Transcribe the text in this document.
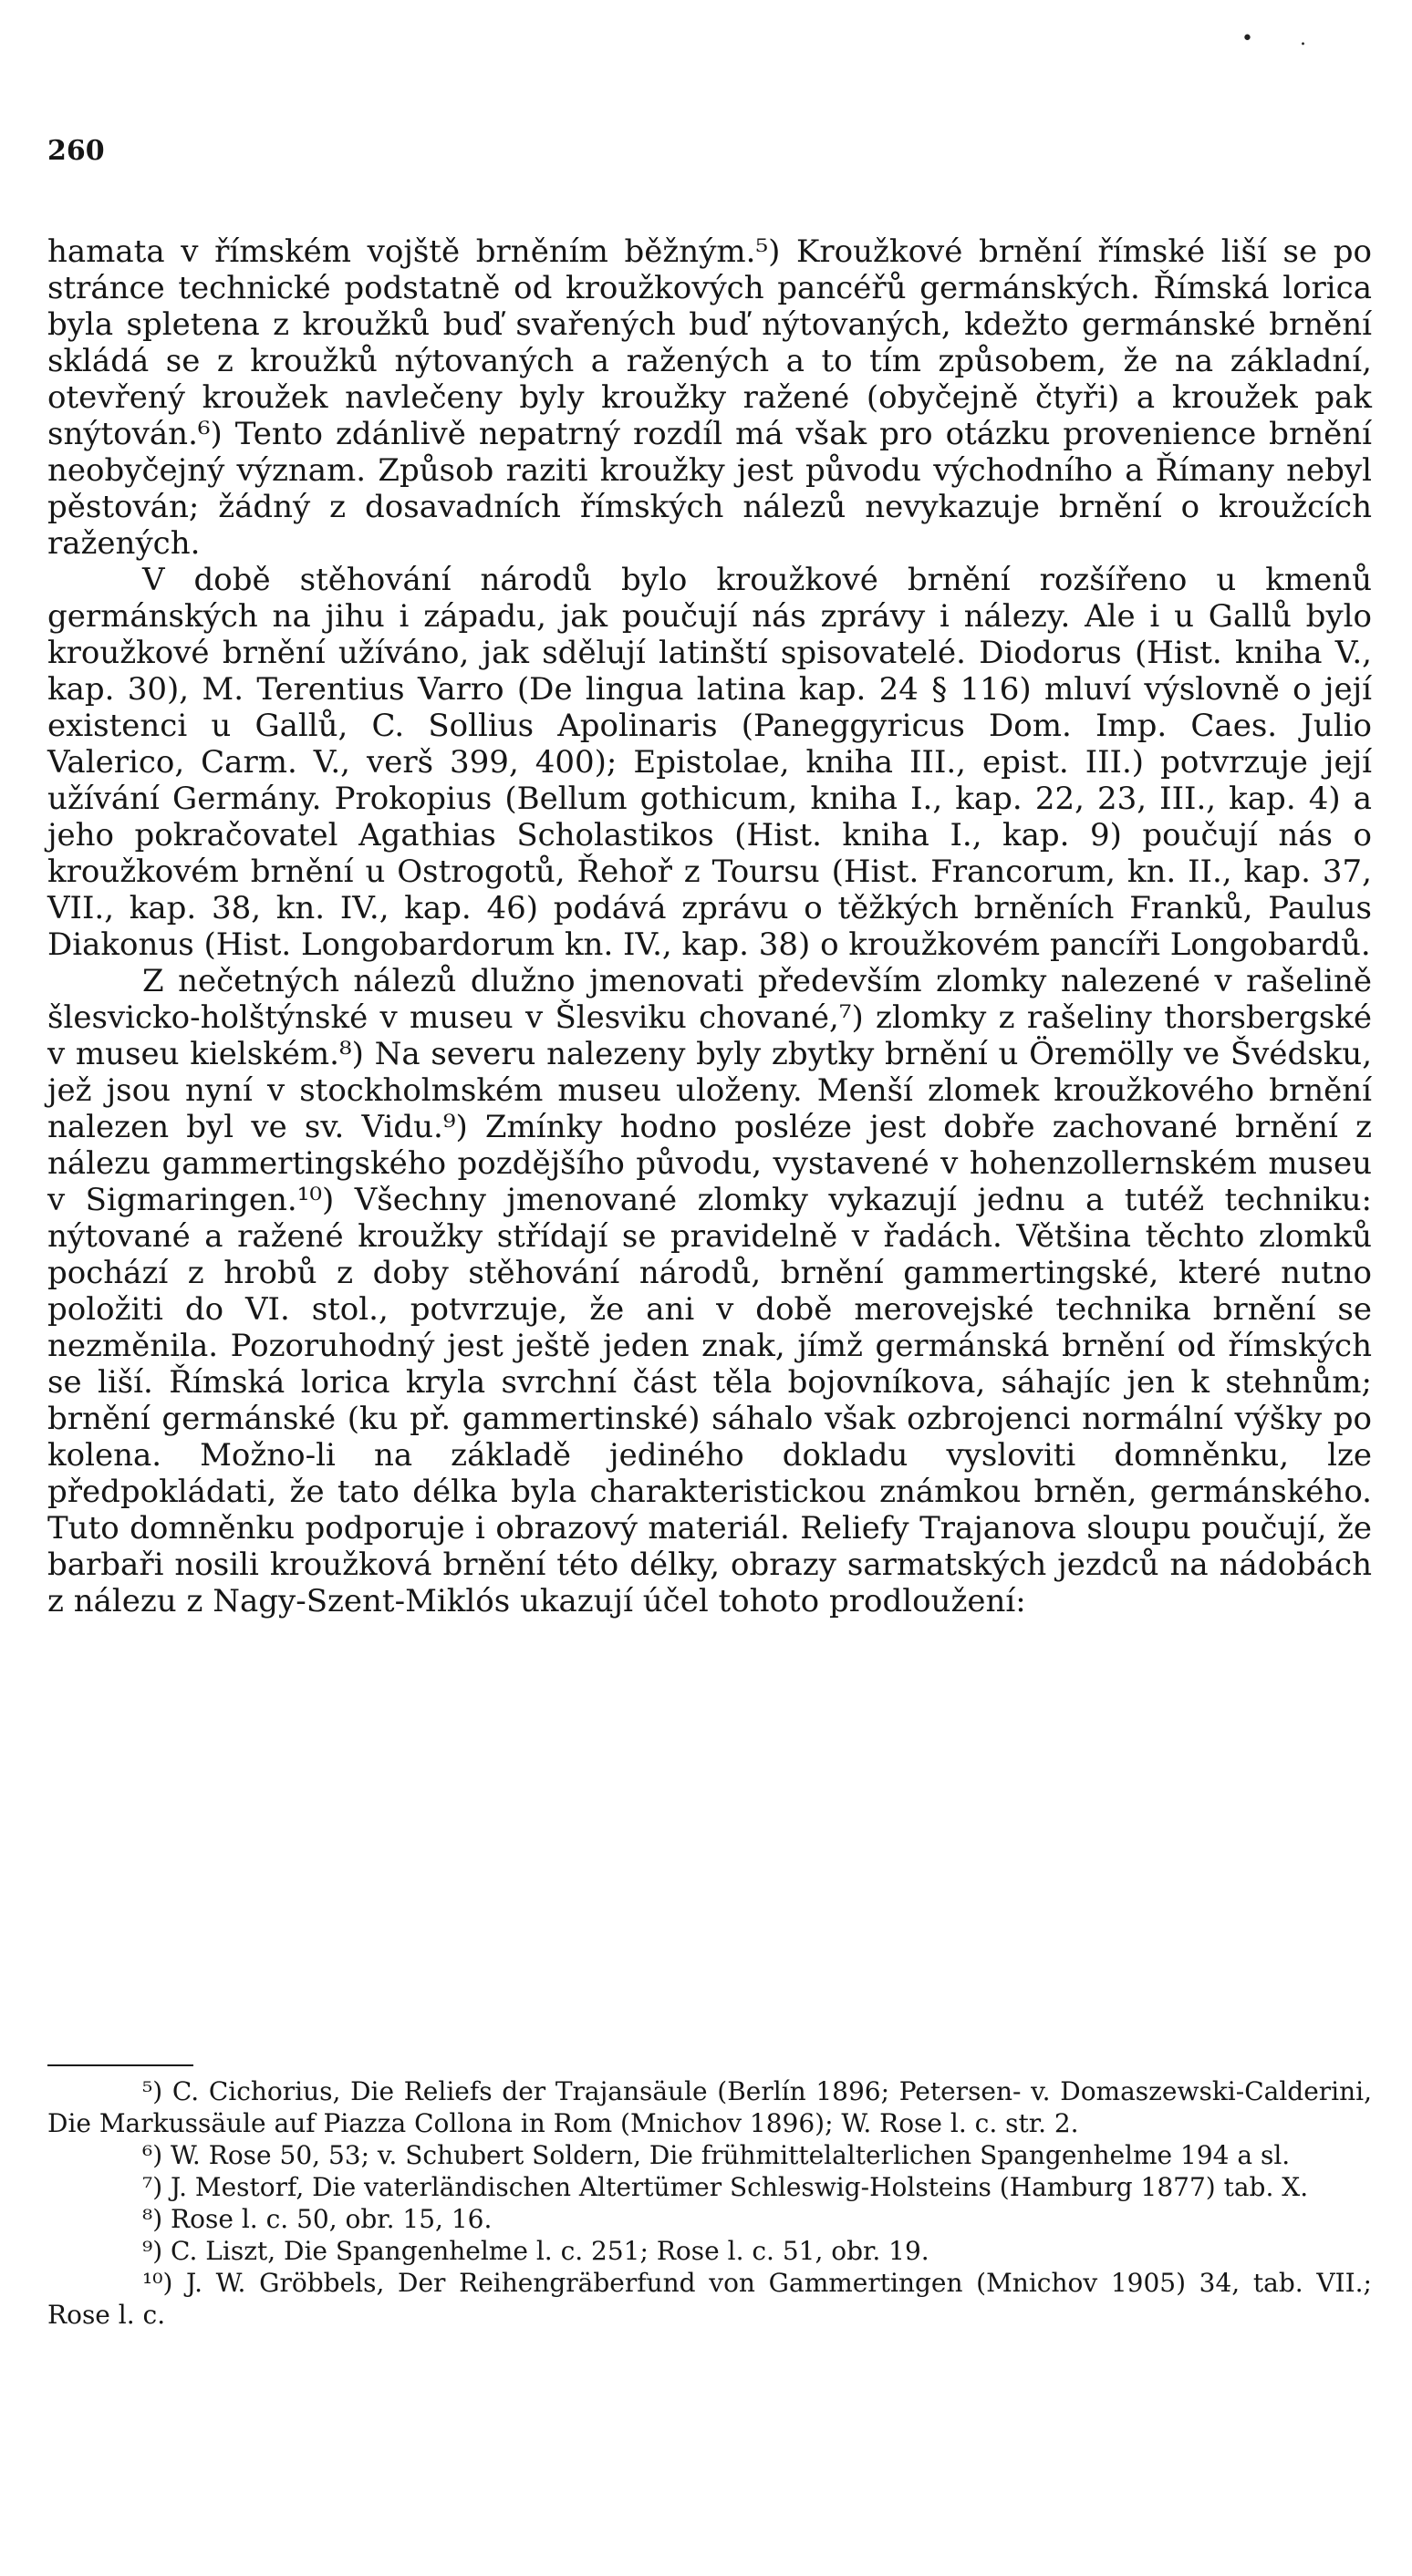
• .
260

hamata v římském vojště brněním běžným.⁵) Kroužkové brnění římské liší se po stránce technické podstatně od kroužkových pancéřů germánských. Římská lorica byla spletena z kroužků buď svařených buď nýtovaných, kdežto germánské brnění skládá se z kroužků nýtovaných a ražených a to tím způsobem, že na základní, otevřený kroužek navlečeny byly kroužky ražené (obyčejně čtyři) a kroužek pak snýtován.⁶) Tento zdánlivě nepatrný rozdíl má však pro otázku provenience brnění neobyčejný význam. Způsob raziti kroužky jest původu východního a Římany nebyl pěstován; žádný z dosavadních římských nálezů nevykazuje brnění o kroužcích ražených.

V době stěhování národů bylo kroužkové brnění rozšířeno u kmenů germánských na jihu i západu, jak poučují nás zprávy i nálezy. Ale i u Gallů bylo kroužkové brnění užíváno, jak sdělují latinští spisovatelé. Diodorus (Hist. kniha V., kap. 30), M. Terentius Varro (De lingua latina kap. 24 § 116) mluví výslovně o její existenci u Gallů, C. Sollius Apolinaris (Paneggyricus Dom. Imp. Caes. Julio Valerico, Carm. V., verš 399, 400); Epistolae, kniha III., epist. III.) potvrzuje její užívání Germány. Prokopius (Bellum gothicum, kniha I., kap. 22, 23, III., kap. 4) a jeho pokračovatel Agathias Scholastikos (Hist. kniha I., kap. 9) poučují nás o kroužkovém brnění u Ostrogotů, Řehoř z Toursu (Hist. Francorum, kn. II., kap. 37, VII., kap. 38, kn. IV., kap. 46) podává zprávu o těžkých brněních Franků, Paulus Diakonus (Hist. Longobardorum kn. IV., kap. 38) o kroužkovém pancíři Longobardů.

Z nečetných nálezů dlužno jmenovati především zlomky nalezené v rašelině šlesvicko-holštýnské v museu v Šlesviku chované,⁷) zlomky z rašeliny thorsbergské v museu kielském.⁸) Na severu nalezeny byly zbytky brnění u Öremölly ve Švédsku, jež jsou nyní v stockholmském museu uloženy. Menší zlomek kroužkového brnění nalezen byl ve sv. Vidu.⁹) Zmínky hodno posléze jest dobře zachované brnění z nálezu gammertingského pozdějšího původu, vystavené v hohenzollernském museu v Sigmaringen.¹⁰) Všechny jmenované zlomky vykazují jednu a tutéž techniku: nýtované a ražené kroužky střídají se pravidelně v řadách. Většina těchto zlomků pochází z hrobů z doby stěhování národů, brnění gammertingské, které nutno položiti do VI. stol., potvrzuje, že ani v době merovejské technika brnění se nezměnila. Pozoruhodný jest ještě jeden znak, jímž germánská brnění od římských se liší. Římská lorica kryla svrchní část těla bojovníkova, sáhajíc jen k stehnům; brnění germánské (ku př. gammertinské) sáhalo však ozbrojenci normální výšky po kolena. Možno-li na základě jediného dokladu vysloviti domněnku, lze předpokládati, že tato délka byla charakteristickou známkou brněn, germánského. Tuto domněnku podporuje i obrazový materiál. Reliefy Trajanova sloupu poučují, že barbaři nosili kroužková brnění této délky, obrazy sarmatských jezdců na nádobách z nálezu z Nagy-Szent-Miklós ukazují účel tohoto prodloužení:

⁵) C. Cichorius, Die Reliefs der Trajansäule (Berlín 1896; Petersen- v. Domaszewski-Calderini, Die Markussäule auf Piazza Collona in Rom (Mnichov 1896); W. Rose l. c. str. 2.

⁶) W. Rose 50, 53; v. Schubert Soldern, Die frühmittelalterlichen Spangenhelme 194 a sl.

⁷) J. Mestorf, Die vaterländischen Altertümer Schleswig-Holsteins (Hamburg 1877) tab. X.

⁸) Rose l. c. 50, obr. 15, 16.

⁹) C. Liszt, Die Spangenhelme l. c. 251; Rose l. c. 51, obr. 19.

¹⁰) J. W. Gröbbels, Der Reihengräberfund von Gammertingen (Mnichov 1905) 34, tab. VII.; Rose l. c.
